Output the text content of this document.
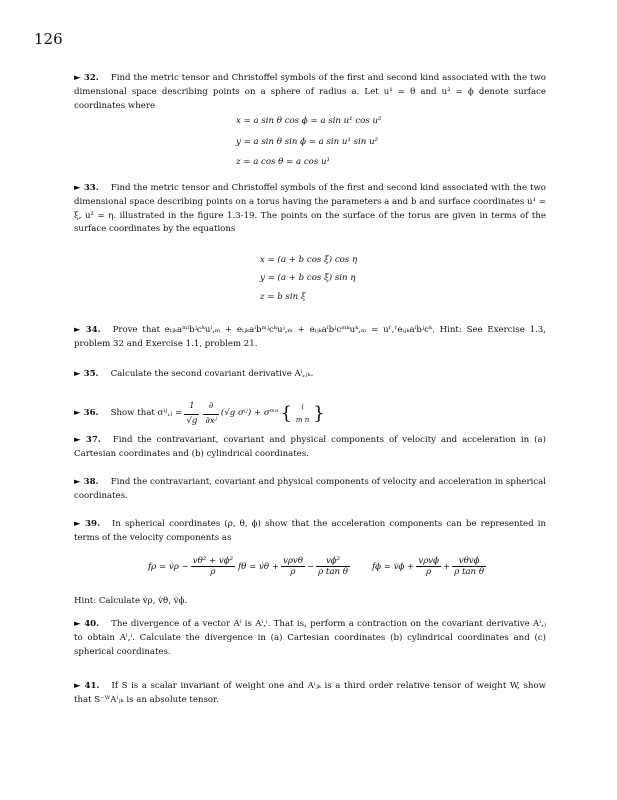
126
► 32. Find the metric tensor and Christoffel symbols of the first and second kind associated with the two dimensional space describing points on a sphere of radius a. Let u¹ = θ and u² = ϕ denote surface coordinates where
x = a sin θ cos ϕ = a sin u¹ cos u²
y = a sin θ sin ϕ = a sin u¹ sin u²
z = a cos θ = a cos u¹
► 33. Find the metric tensor and Christoffel symbols of the first and second kind associated with the two dimensional space describing points on a torus having the parameters a and b and surface coordinates u¹ = ξ, u² = η. illustrated in the figure 1.3-19. The points on the surface of the torus are given in terms of the surface coordinates by the equations
x = (a + b cos ξ) cos η
y = (a + b cos ξ) sin η
z = b sin ξ
► 34. Prove that eᵢⱼₖaᵐⁱbʲcᵏuⁱ,ₘ + eᵢⱼₖaⁱbᵐʲcᵏuʲ,ₘ + eᵢⱼₖaⁱbʲcᵐᵏuᵏ,ₘ = uʳ,ʳeᵢⱼₖaⁱbʲcᵏ. Hint: See Exercise 1.3, problem 32 and Exercise 1.1, problem 21.
► 35. Calculate the second covariant derivative Aⁱ,ⱼₖ.
► 36. Show that σⁱʲ,ⱼ = $\frac{1}{√g} \frac{\partial}{\text{∂xʲ}} (√g$ σⁱʲ) + σᵐⁿ {	i
m n }
► 37. Find the contravariant, covariant and physical components of velocity and acceleration in (a) Cartesian coordinates and (b) cylindrical coordinates.
► 38. Find the contravariant, covariant and physical components of velocity and acceleration in spherical coordinates.
► 39. In spherical coordinates (ρ, θ, ϕ) show that the acceleration components can be represented in terms of the velocity components as
fρ = v̇ρ − $\frac{\text{vθ² + vϕ²}}{\rho}$ fθ = v̇θ + $\frac{\text{vρvθ}}{\rho} - \frac{\text{vϕ²}}{\text{ρ tan θ}}$	fϕ = v̇ϕ + $\frac{\text{vρvϕ}}{\rho} + \frac{\text{vθvϕ}}{\text{ρ tan θ}}$
Hint: Calculate v̇ρ, v̇θ, v̇ϕ.
► 40. The divergence of a vector Aⁱ is Aⁱ,ⁱ. That is, perform a contraction on the covariant derivative Aⁱ,ⱼ to obtain Aⁱ,ⁱ. Calculate the divergence in (a) Cartesian coordinates (b) cylindrical coordinates and (c) spherical coordinates.
► 41. If S is a scalar invariant of weight one and Aⁱⱼₖ is a third order relative tensor of weight W, show that S⁻ᵂAⁱⱼₖ is an absolute tensor.
